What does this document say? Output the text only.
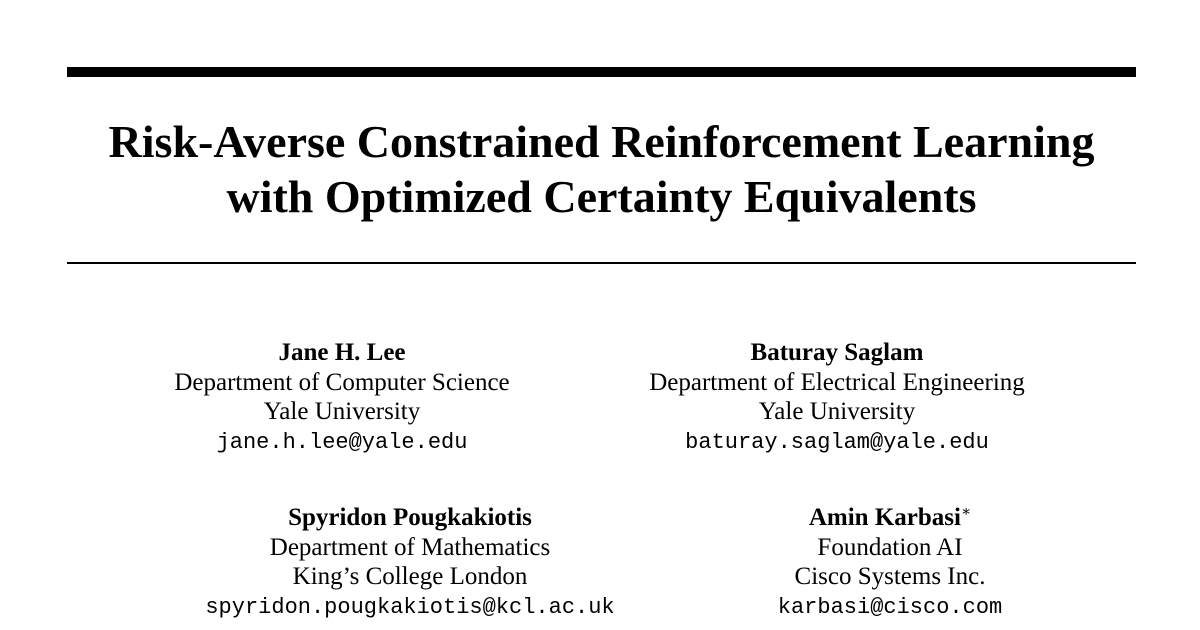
Risk-Averse Constrained Reinforcement Learning
with Optimized Certainty Equivalents
Jane H. Lee
Department of Computer Science
Yale University
jane.h.lee@yale.edu
Baturay Saglam
Department of Electrical Engineering
Yale University
baturay.saglam@yale.edu
Spyridon Pougkakiotis
Department of Mathematics
King’s College London
spyridon.pougkakiotis@kcl.ac.uk
Amin Karbasi∗
Foundation AI
Cisco Systems Inc.
karbasi@cisco.com
